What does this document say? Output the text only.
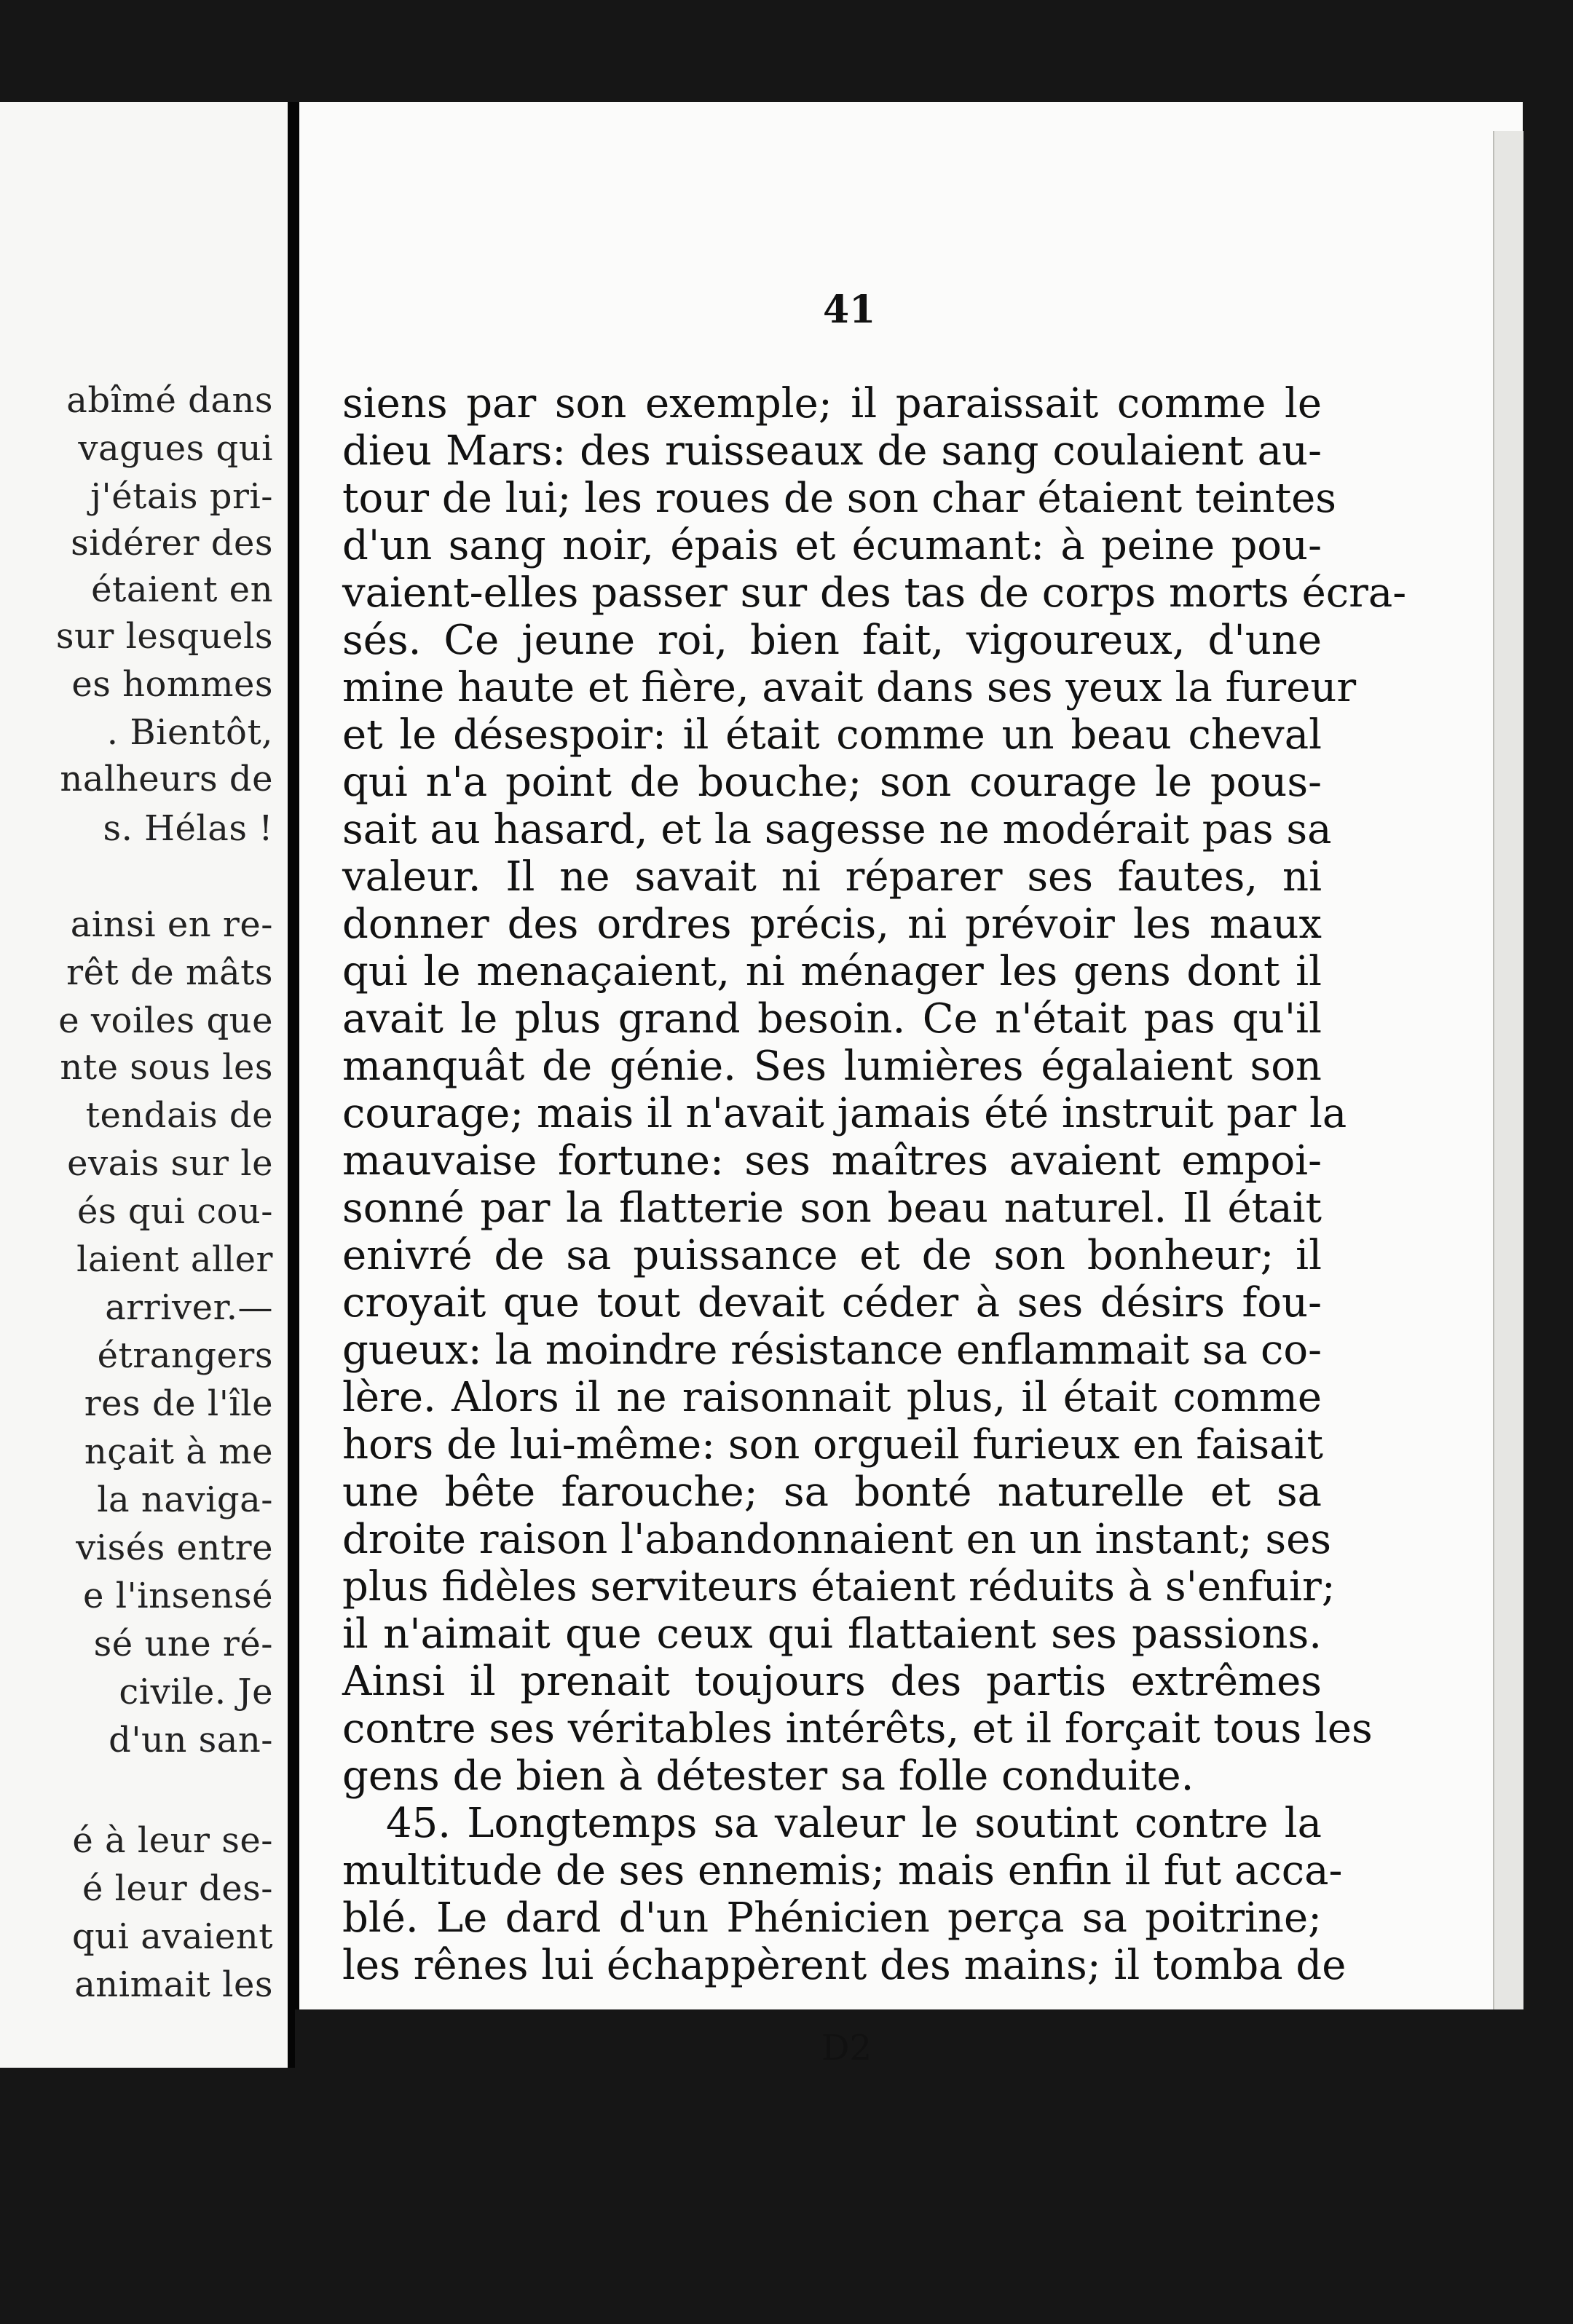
abîmé dans
vagues qui
j'étais pri-
sidérer des
étaient en
sur lesquels
es hommes
. Bientôt,
nalheurs de
s. Hélas !
ainsi en re-
rêt de mâts
e voiles que
nte sous les
tendais de
evais sur le
és qui cou-
laient aller
arriver.—
étrangers
res de l'île
nçait à me
la naviga-
visés entre
e l'insensé
sé une ré-
civile. Je
d'un san-
é à leur se-
é leur des-
qui avaient
animait les
41
siens par son exemple; il paraissait comme le
dieu Mars: des ruisseaux de sang coulaient au-
tour de lui; les roues de son char étaient teintes
d'un sang noir, épais et écumant: à peine pou-
vaient-elles passer sur des tas de corps morts écra-
sés. Ce jeune roi, bien fait, vigoureux, d'une
mine haute et fière, avait dans ses yeux la fureur
et le désespoir: il était comme un beau cheval
qui n'a point de bouche; son courage le pous-
sait au hasard, et la sagesse ne modérait pas sa
valeur. Il ne savait ni réparer ses fautes, ni
donner des ordres précis, ni prévoir les maux
qui le menaçaient, ni ménager les gens dont il
avait le plus grand besoin. Ce n'était pas qu'il
manquât de génie. Ses lumières égalaient son
courage; mais il n'avait jamais été instruit par la
mauvaise fortune: ses maîtres avaient empoi-
sonné par la flatterie son beau naturel. Il était
enivré de sa puissance et de son bonheur; il
croyait que tout devait céder à ses désirs fou-
gueux: la moindre résistance enflammait sa co-
lère. Alors il ne raisonnait plus, il était comme
hors de lui-même: son orgueil furieux en faisait
une bête farouche; sa bonté naturelle et sa
droite raison l'abandonnaient en un instant; ses
plus fidèles serviteurs étaient réduits à s'enfuir;
il n'aimait que ceux qui flattaient ses passions.
Ainsi il prenait toujours des partis extrêmes
contre ses véritables intérêts, et il forçait tous les
gens de bien à détester sa folle conduite.
45. Longtemps sa valeur le soutint contre la
multitude de ses ennemis; mais enfin il fut acca-
blé. Le dard d'un Phénicien perça sa poitrine;
les rênes lui échappèrent des mains; il tomba de
D2
